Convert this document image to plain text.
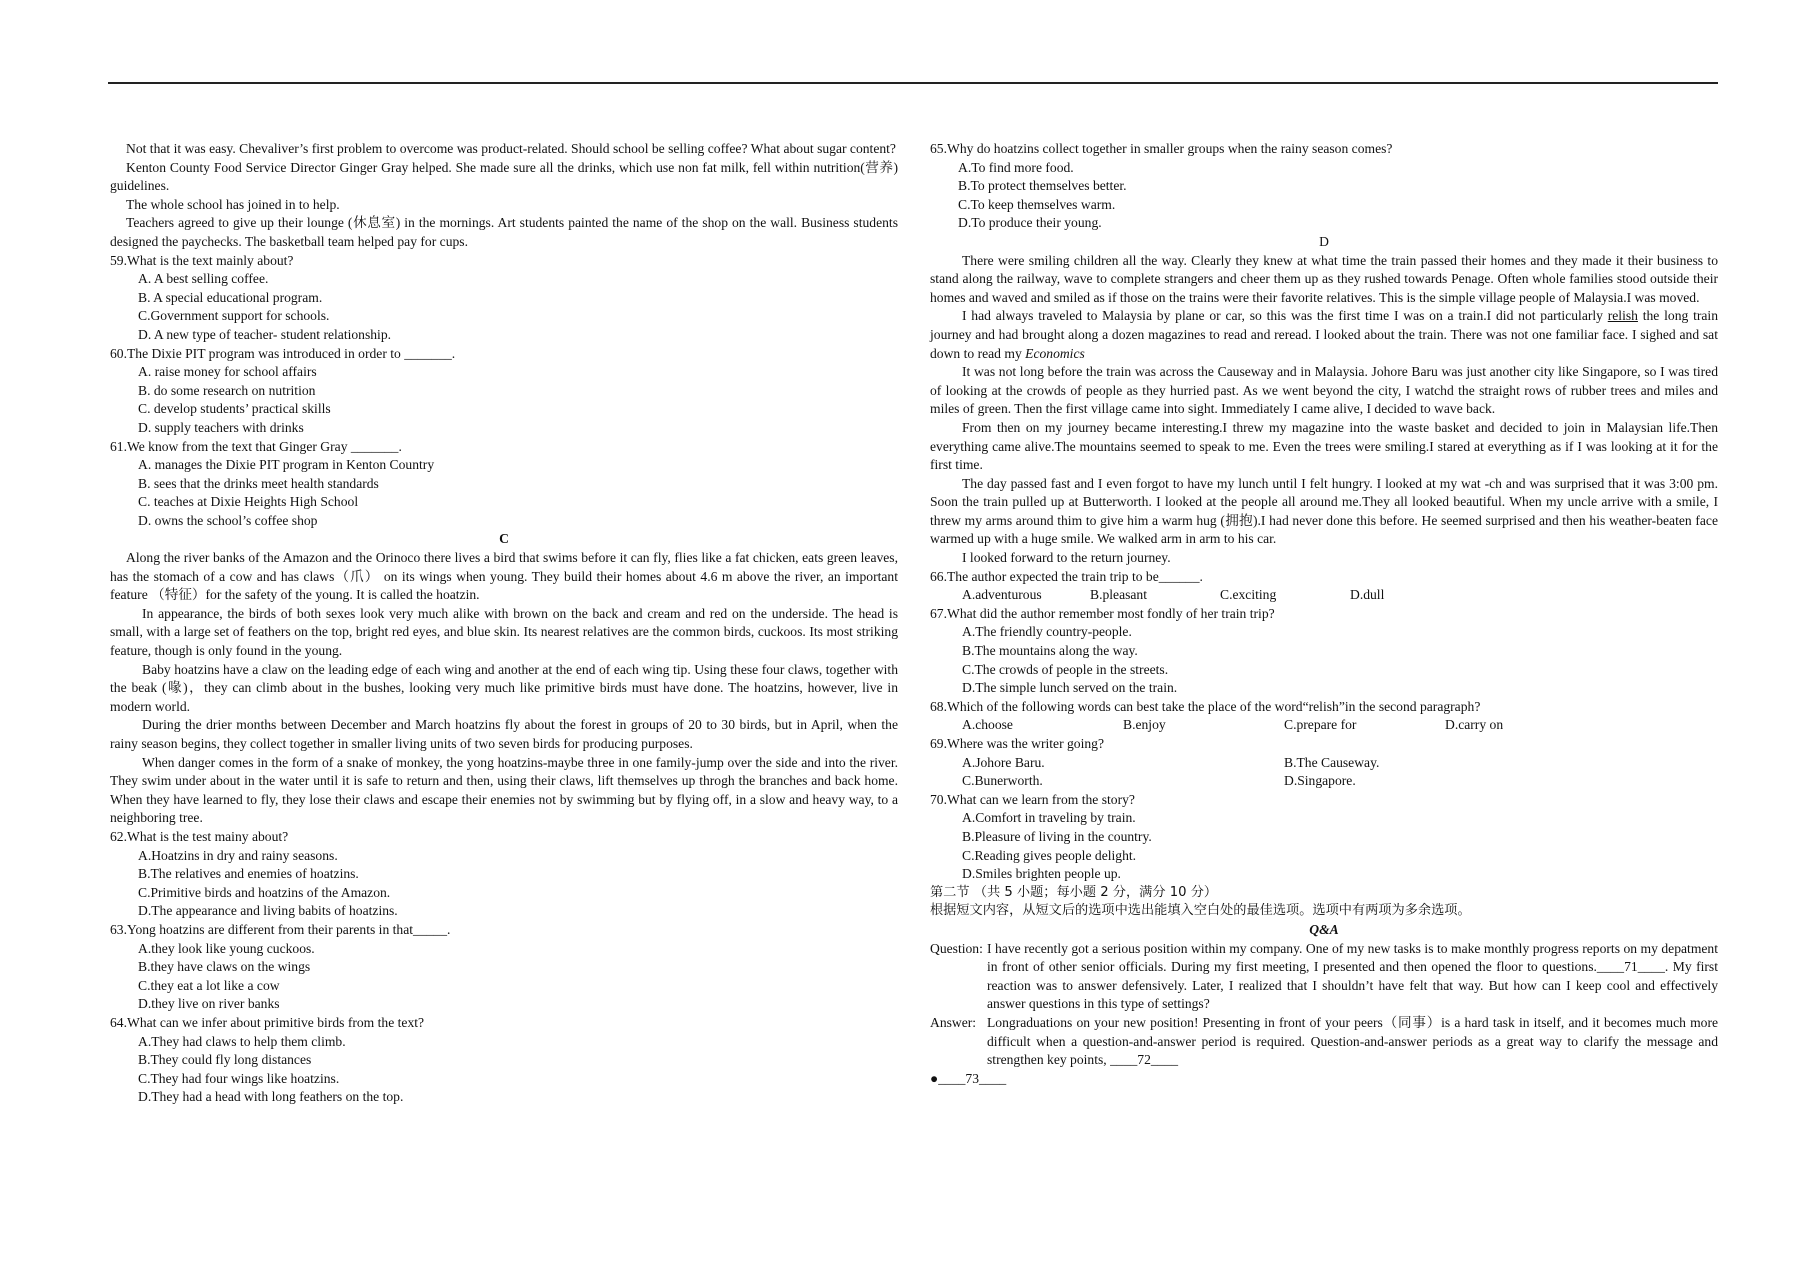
Not that it was easy. Chevaliver’s first problem to overcome was product-related. Should school be selling coffee? What about sugar content?

Kenton County Food Service Director Ginger Gray helped. She made sure all the drinks, which use non fat milk, fell within nutrition(营养) guidelines.

The whole school has joined in to help.

Teachers agreed to give up their lounge (休息室) in the mornings. Art students painted the name of the shop on the wall. Business students designed the paychecks. The basketball team helped pay for cups.

59.What is the text mainly about?

A. A best selling coffee.

B. A special educational program.

C.Government support for schools.

D. A new type of teacher- student relationship.

60.The Dixie PIT program was introduced in order to _______.

A. raise money for school affairs

B. do some research on nutrition

C. develop students’ practical skills

D. supply teachers with drinks

61.We know from the text that Ginger Gray _______.

A. manages the Dixie PIT program in Kenton Country

B. sees that the drinks meet health standards

C. teaches at Dixie Heights High School

D. owns the school’s coffee shop

C

Along the river banks of the Amazon and the Orinoco there lives a bird that swims before it can fly, flies like a fat chicken, eats green leaves, has the stomach of a cow and has claws（爪） on its wings when young. They build their homes about 4.6 m above the river, an important feature （特征）for the safety of the young. It is called the hoatzin.

In appearance, the birds of both sexes look very much alike with brown on the back and cream and red on the underside. The head is small, with a large set of feathers on the top, bright red eyes, and blue skin. Its nearest relatives are the common birds, cuckoos. Its most striking feature, though is only found in the young.

Baby hoatzins have a claw on the leading edge of each wing and another at the end of each wing tip. Using these four claws, together with the beak (喙)，they can climb about in the bushes, looking very much like primitive birds must have done. The hoatzins, however, live in modern world.

During the drier months between December and March hoatzins fly about the forest in groups of 20 to 30 birds, but in April, when the rainy season begins, they collect together in smaller living units of two seven birds for producing purposes.

When danger comes in the form of a snake of monkey, the yong hoatzins-maybe three in one family-jump over the side and into the river. They swim under about in the water until it is safe to return and then, using their claws, lift themselves up throgh the branches and back home. When they have learned to fly, they lose their claws and escape their enemies not by swimming but by flying off, in a slow and heavy way, to a neighboring tree.

62.What is the test mainy about?

A.Hoatzins in dry and rainy seasons.

B.The relatives and enemies of hoatzins.

C.Primitive birds and hoatzins of the Amazon.

D.The appearance and living babits of hoatzins.

63.Yong hoatzins are different from their parents in that_____.

A.they look like young cuckoos.

B.they have claws on the wings

C.they eat a lot like a cow

D.they live on river banks

64.What can we infer about primitive birds from the text?

A.They had claws to help them climb.

B.They could fly long distances

C.They had four wings like hoatzins.

D.They had a head with long feathers on the top.

65.Why do hoatzins collect together in smaller groups when the rainy season comes?

A.To find more food.

B.To protect themselves better.

C.To keep themselves warm.

D.To produce their young.

D

There were smiling children all the way. Clearly they knew at what time the train passed their homes and they made it their business to stand along the railway, wave to complete strangers and cheer them up as they rushed towards Penage. Often whole families stood outside their homes and waved and smiled as if those on the trains were their favorite relatives. This is the simple village people of Malaysia.I was moved.

I had always traveled to Malaysia by plane or car, so this was the first time I was on a train.I did not particularly relish the long train journey and had brought along a dozen magazines to read and reread. I looked about the train. There was not one familiar face. I sighed and sat down to read my Economics

It was not long before the train was across the Causeway and in Malaysia. Johore Baru was just another city like Singapore, so I was tired of looking at the crowds of people as they hurried past. As we went beyond the city, I watchd the straight rows of rubber trees and miles and miles of green. Then the first village came into sight. Immediately I came alive, I decided to wave back.

From then on my journey became interesting.I threw my magazine into the waste basket and decided to join in Malaysian life.Then everything came alive.The mountains seemed to speak to me. Even the trees were smiling.I stared at everything as if I was looking at it for the first time.

The day passed fast and I even forgot to have my lunch until I felt hungry. I looked at my wat -ch and was surprised that it was 3:00 pm. Soon the train pulled up at Butterworth. I looked at the people all around me.They all looked beautiful. When my uncle arrive with a smile, I threw my arms around thim to give him a warm hug (拥抱).I had never done this before. He seemed surprised and then his weather-beaten face warmed up with a huge smile. We walked arm in arm to his car.

I looked forward to the return journey.

66.The author expected the train trip to be______.

A.adventurous	B.pleasant	C.exciting	D.dull

67.What did the author remember most fondly of her train trip?

A.The friendly country-people.

B.The mountains along the way.

C.The crowds of people in the streets.

D.The simple lunch served on the train.

68.Which of the following words can best take the place of the word“relish”in the second paragraph?

A.choose	B.enjoy	C.prepare for	D.carry on

69.Where was the writer going?

A.Johore Baru.	B.The Causeway.
C.Bunerworth.	D.Singapore.

70.What can we learn from the story?

A.Comfort in traveling by train.

B.Pleasure of living in the country.

C.Reading gives people delight.

D.Smiles brighten people up.

第二节 （共 5 小题；每小题 2 分，满分 10 分）

根据短文内容，从短文后的选项中选出能填入空白处的最佳选项。选项中有两项为多余选项。

Q&A

Question: I have recently got a serious position within my company. One of my new tasks is to make monthly progress reports on my depatment in front of other senior officials. During my first meeting, I presented and then opened the floor to questions.____71____. My first reaction was to answer defensively. Later, I realized that I shouldn’t have felt that way. But how can I keep cool and effectively answer questions in this type of settings?
Answer: Longraduations on your new position! Presenting in front of your peers（同事）is a hard task in itself, and it becomes much more difficult when a question-and-answer period is required. Question-and-answer periods as a great way to clarify the message and strengthen key points, ____72____

●____73____
